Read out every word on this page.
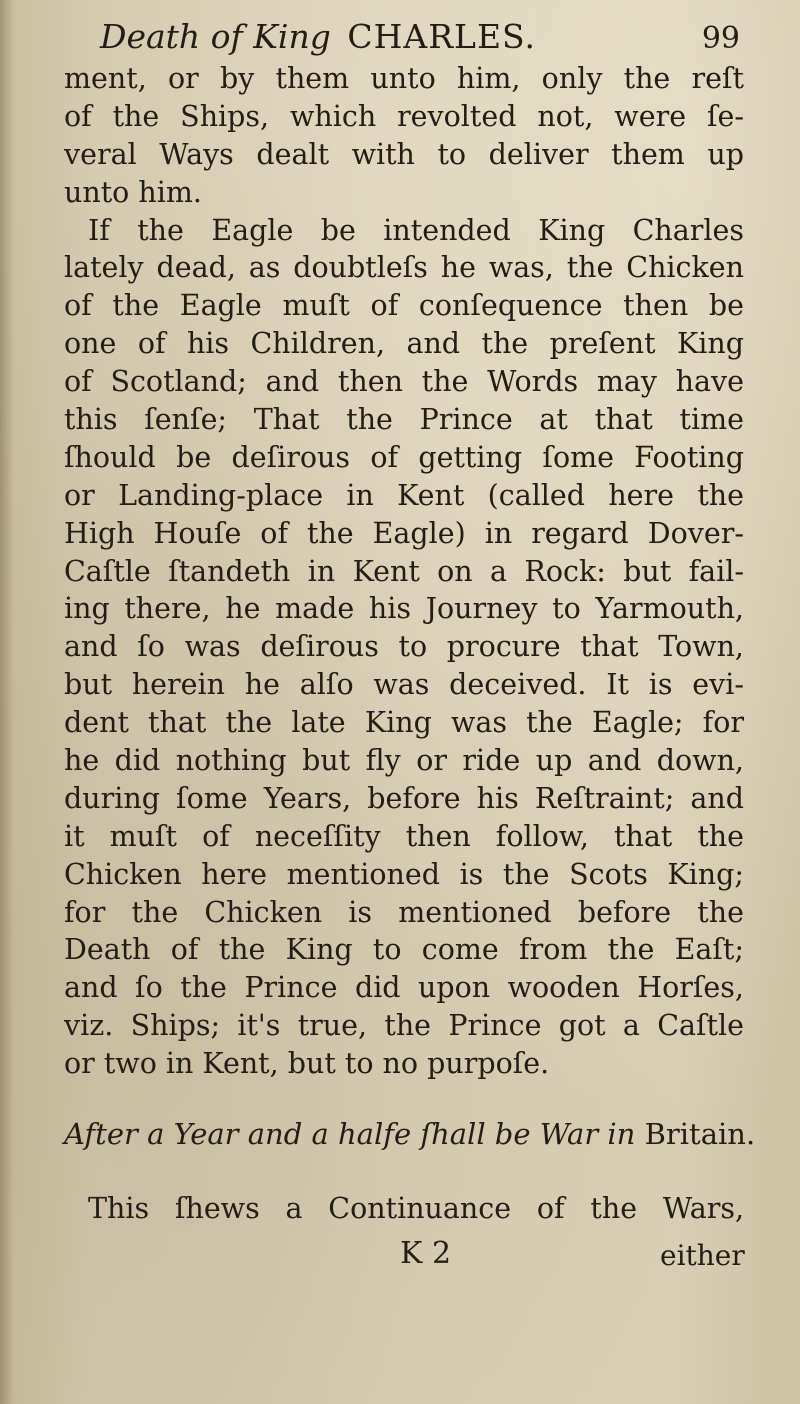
Death of King CHARLES.	99
ment, or by them unto him, only the reſt
of the Ships, which revolted not, were ſe-
veral Ways dealt with to deliver them up
unto him.
If the Eagle be intended King Charles
lately dead, as doubtleſs he was, the Chicken
of the Eagle muſt of conſequence then be
one of his Children, and the preſent King
of Scotland; and then the Words may have
this ſenſe; That the Prince at that time
ſhould be deſirous of getting ſome Footing
or Landing-place in Kent (called here the
High Houſe of the Eagle) in regard Dover-
Caſtle ſtandeth in Kent on a Rock: but fail-
ing there, he made his Journey to Yarmouth,
and ſo was deſirous to procure that Town,
but herein he alſo was deceived. It is evi-
dent that the late King was the Eagle; for
he did nothing but fly or ride up and down,
during ſome Years, before his Reſtraint; and
it muſt of neceſſity then follow, that the
Chicken here mentioned is the Scots King;
for the Chicken is mentioned before the
Death of the King to come from the Eaſt;
and ſo the Prince did upon wooden Horſes,
viz. Ships; it's true, the Prince got a Caſtle
or two in Kent, but to no purpoſe.
After a Year and a halfe ſhall be War in Britain.
This ſhews a Continuance of the Wars,
K 2	either
